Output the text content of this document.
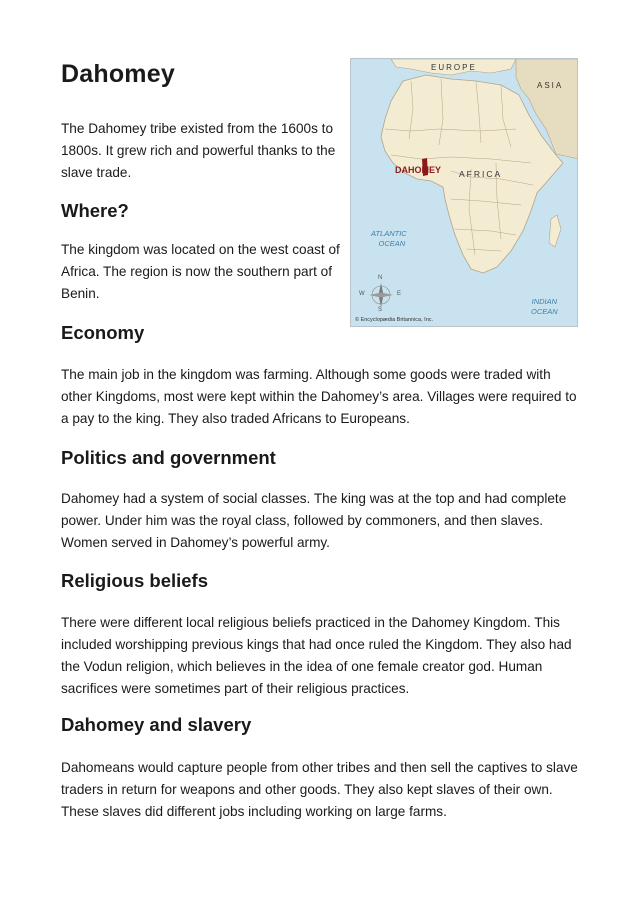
Dahomey

The Dahomey tribe existed from the 1600s to 1800s. It grew rich and powerful thanks to the slave trade.

EUROPE
ASIA
DAHOMEY AFRICA
ATLANTIC
OCEAN
INDIAN
OCEAN
N
S
W	E
© Encyclopædia Britannica, Inc.
Where?

The kingdom was located on the west coast of Africa. The region is now the southern part of Benin.

Economy

The main job in the kingdom was farming. Although some goods were traded with other Kingdoms, most were kept within the Dahomey’s area. Villages were required to a pay to the king. They also traded Africans to Europeans.

Politics and government

Dahomey had a system of social classes. The king was at the top and had complete power. Under him was the royal class, followed by commoners, and then slaves. Women served in Dahomey’s powerful army.

Religious beliefs

There were different local religious beliefs practiced in the Dahomey Kingdom. This included worshipping previous kings that had once ruled the Kingdom. They also had the Vodun religion, which believes in the idea of one female creator god. Human sacrifices were sometimes part of their religious practices.

Dahomey and slavery

Dahomeans would capture people from other tribes and then sell the captives to slave traders in return for weapons and other goods. They also kept slaves of their own. These slaves did different jobs including working on large farms.
